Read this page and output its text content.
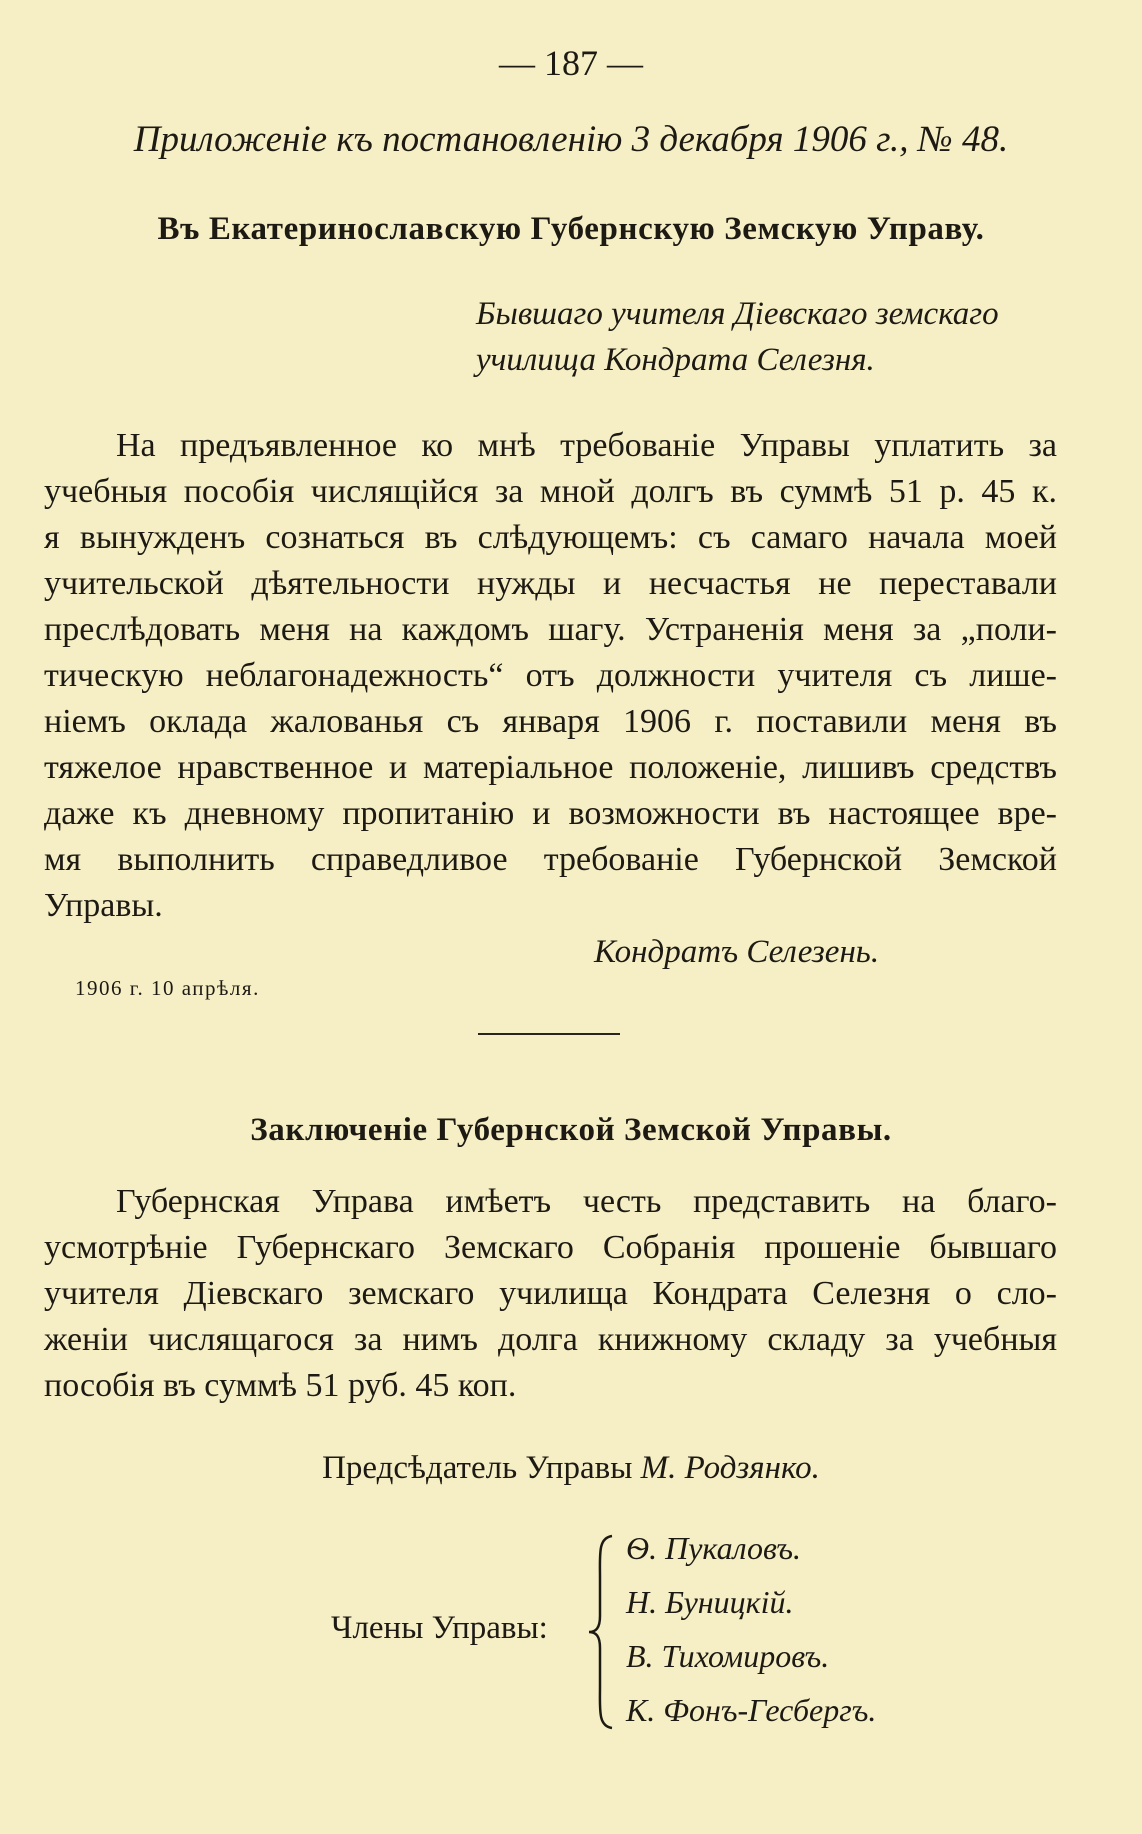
— 187 —
Приложеніе къ постановленію 3 декабря 1906 г., № 48.
Въ Екатеринославскую Губернскую Земскую Управу.
Бывшаго учителя Діевскаго земскаго
училища Кондрата Селезня.
На предъявленное ко мнѣ требованіе Управы уплатить за
учебныя пособія числящійся за мной долгъ въ суммѣ 51 р. 45 к.
я вынужденъ сознаться въ слѣдующемъ: съ самаго начала моей
учительской дѣятельности нужды и несчастья не переставали
преслѣдовать меня на каждомъ шагу. Устраненія меня за „поли-
тическую неблагонадежность“ отъ должности учителя съ лише-
ніемъ оклада жалованья съ января 1906 г. поставили меня въ
тяжелое нравственное и матеріальное положеніе, лишивъ средствъ
даже къ дневному пропитанію и возможности въ настоящее вре-
мя выполнить справедливое требованіе Губернской Земской
Управы.
Кондратъ Селезень.
1906 г. 10 апрѣля.
Заключеніе Губернской Земской Управы.
Губернская Управа имѣетъ честь представить на благо-
усмотрѣніе Губернскаго Земскаго Собранія прошеніе бывшаго
учителя Діевскаго земскаго училища Кондрата Селезня о сло-
женіи числящагося за нимъ долга книжному складу за учебныя
пособія въ суммѣ 51 руб. 45 коп.
Предсѣдатель Управы М. Родзянко.
Члены Управы:
Ѳ. Пукаловъ.
Н. Буницкій.
В. Тихомировъ.
К. Фонъ-Гесбергъ.
